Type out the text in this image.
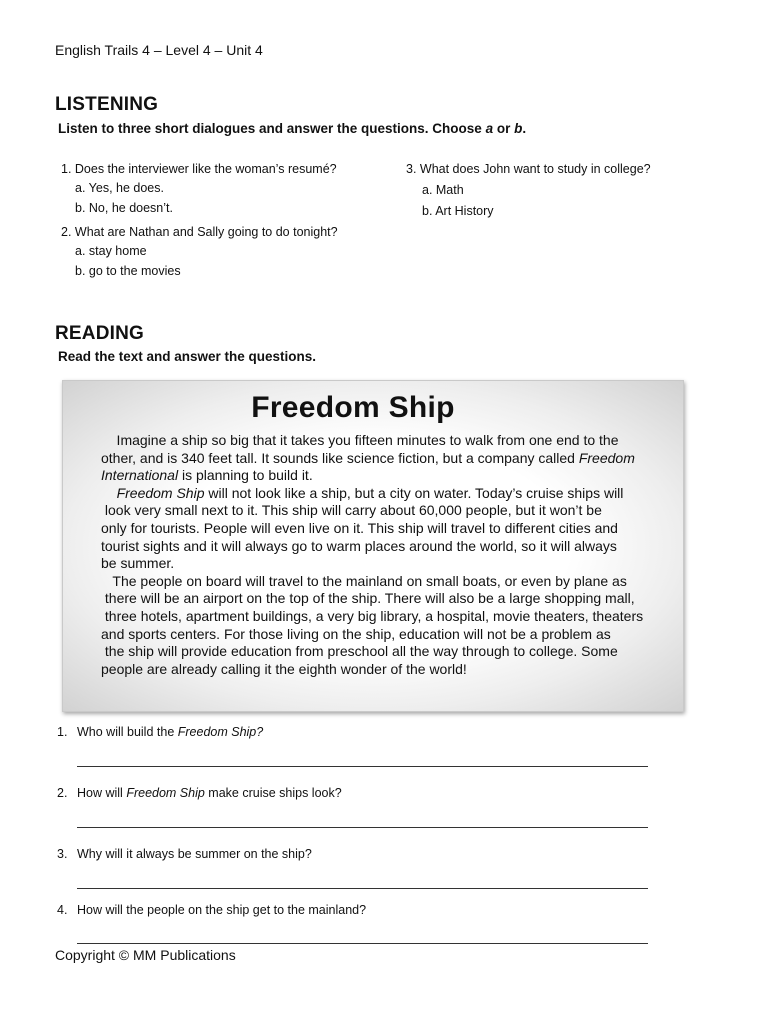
English Trails 4 – Level 4 – Unit 4
LISTENING
Listen to three short dialogues and answer the questions. Choose a or b.
1. Does the interviewer like the woman’s resumé?
a. Yes, he does.
b. No, he doesn’t.
2. What are Nathan and Sally going to do tonight?
a. stay home
b. go to the movies
3. What does John want to study in college?
a. Math
b. Art History
READING
Read the text and answer the questions.
Freedom Ship
Imagine a ship so big that it takes you fifteen minutes to walk from one end to the
other, and is 340 feet tall. It sounds like science fiction, but a company called Freedom
International is planning to build it.
Freedom Ship will not look like a ship, but a city on water. Today’s cruise ships will
look very small next to it. This ship will carry about 60,000 people, but it won’t be
only for tourists. People will even live on it. This ship will travel to different cities and
tourist sights and it will always go to warm places around the world, so it will always
be summer.
The people on board will travel to the mainland on small boats, or even by plane as
there will be an airport on the top of the ship. There will also be a large shopping mall,
three hotels, apartment buildings, a very big library, a hospital, movie theaters, theaters
and sports centers. For those living on the ship, education will not be a problem as
the ship will provide education from preschool all the way through to college. Some
people are already calling it the eighth wonder of the world!
1. Who will build the Freedom Ship?
2. How will Freedom Ship make cruise ships look?
3. Why will it always be summer on the ship?
4. How will the people on the ship get to the mainland?
Copyright © MM Publications
